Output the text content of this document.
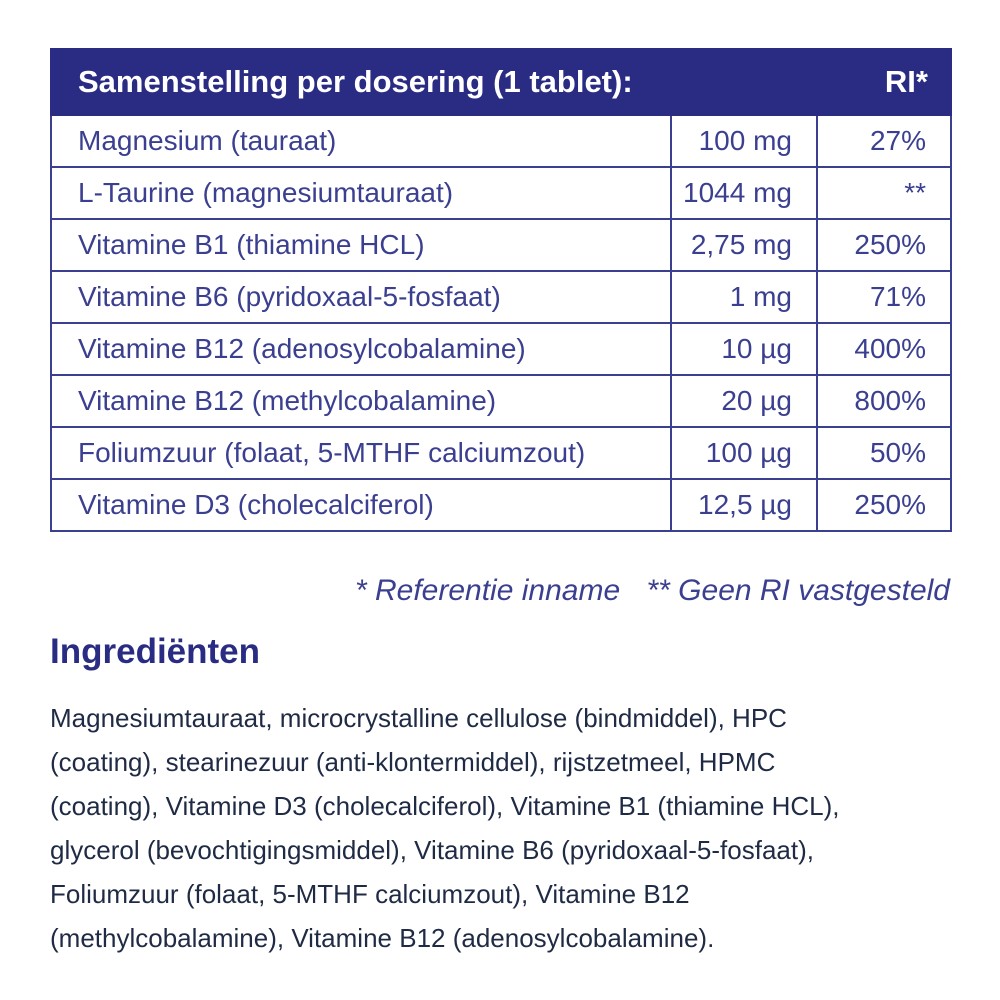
Samenstelling per dosering (1 tablet):		RI*
Magnesium (tauraat)	100 mg	27%
L-Taurine (magnesiumtauraat)	1044 mg	**
Vitamine B1 (thiamine HCL)	2,75 mg	250%
Vitamine B6 (pyridoxaal-5-fosfaat)	1 mg	71%
Vitamine B12 (adenosylcobalamine)	10 µg	400%
Vitamine B12 (methylcobalamine)	20 µg	800%
Foliumzuur (folaat, 5-MTHF calciumzout)	100 µg	50%
Vitamine D3 (cholecalciferol)	12,5 µg	250%
* Referentie inname ** Geen RI vastgesteld
Ingrediënten

Magnesiumtauraat, microcrystalline cellulose (bindmiddel), HPC (coating), stearinezuur (anti-klontermiddel), rijstzetmeel, HPMC (coating), Vitamine D3 (cholecalciferol), Vitamine B1 (thiamine HCL), glycerol (bevochtigingsmiddel), Vitamine B6 (pyridoxaal-5-fosfaat), Foliumzuur (folaat, 5-MTHF calciumzout), Vitamine B12 (methylcobalamine), Vitamine B12 (adenosylcobalamine).
